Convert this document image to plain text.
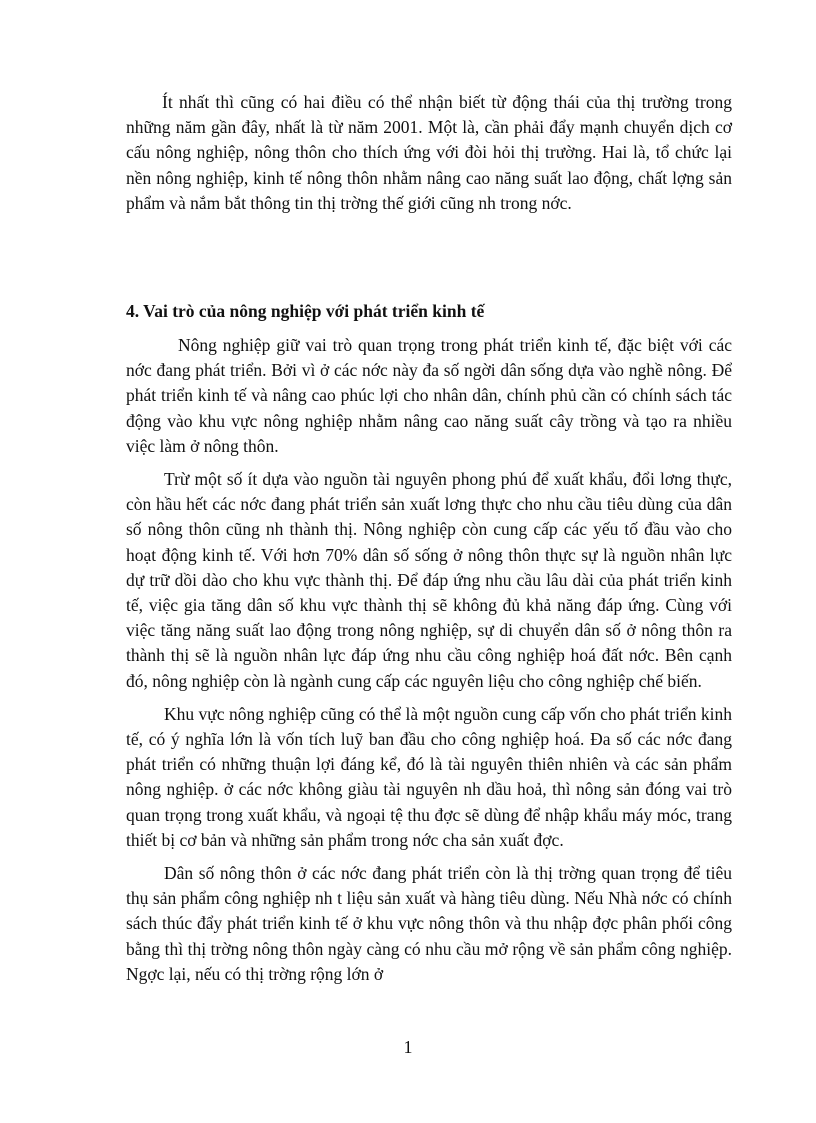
Ít nhất thì cũng có hai điều có thể nhận biết từ động thái của thị trường trong những năm gần đây, nhất là từ năm 2001. Một là, cần phải đẩy mạnh chuyển dịch cơ cấu nông nghiệp, nông thôn cho thích ứng với đòi hỏi thị trường. Hai là, tổ chức lại nền nông nghiệp, kinh tế nông thôn nhằm nâng cao năng suất lao động, chất lợng sản phẩm và nắm bắt thông tin thị trờng thế giới cũng nh trong nớc.

4. Vai trò của nông nghiệp với phát triển kinh tế

Nông nghiệp giữ vai trò quan trọng trong phát triển kinh tế, đặc biệt với các nớc đang phát triển. Bởi vì ở các nớc này đa số ngời dân sống dựa vào nghề nông. Để phát triển kinh tế và nâng cao phúc lợi cho nhân dân, chính phủ cần có chính sách tác động vào khu vực nông nghiệp nhằm nâng cao năng suất cây trồng và tạo ra nhiều việc làm ở nông thôn.

Trừ một số ít dựa vào nguồn tài nguyên phong phú để xuất khẩu, đổi lơng thực, còn hầu hết các nớc đang phát triển sản xuất lơng thực cho nhu cầu tiêu dùng của dân số nông thôn cũng nh thành thị. Nông nghiệp còn cung cấp các yếu tố đầu vào cho hoạt động kinh tế. Với hơn 70% dân số sống ở nông thôn thực sự là nguồn nhân lực dự trữ dồi dào cho khu vực thành thị. Để đáp ứng nhu cầu lâu dài của phát triển kinh tế, việc gia tăng dân số khu vực thành thị sẽ không đủ khả năng đáp ứng. Cùng với việc tăng năng suất lao động trong nông nghiệp, sự di chuyển dân số ở nông thôn ra thành thị sẽ là nguồn nhân lực đáp ứng nhu cầu công nghiệp hoá đất nớc. Bên cạnh đó, nông nghiệp còn là ngành cung cấp các nguyên liệu cho công nghiệp chế biến.

Khu vực nông nghiệp cũng có thể là một nguồn cung cấp vốn cho phát triển kinh tế, có ý nghĩa lớn là vốn tích luỹ ban đầu cho công nghiệp hoá. Đa số các nớc đang phát triển có những thuận lợi đáng kể, đó là tài nguyên thiên nhiên và các sản phẩm nông nghiệp. ở các nớc không giàu tài nguyên nh dầu hoả, thì nông sản đóng vai trò quan trọng trong xuất khẩu, và ngoại tệ thu đợc sẽ dùng để nhập khẩu máy móc, trang thiết bị cơ bản và những sản phẩm trong nớc cha sản xuất đợc.

Dân số nông thôn ở các nớc đang phát triển còn là thị trờng quan trọng để tiêu thụ sản phẩm công nghiệp nh t liệu sản xuất và hàng tiêu dùng. Nếu Nhà nớc có chính sách thúc đẩy phát triển kinh tế ở khu vực nông thôn và thu nhập đợc phân phối công bằng thì thị trờng nông thôn ngày càng có nhu cầu mở rộng về sản phẩm công nghiệp. Ngợc lại, nếu có thị trờng rộng lớn ở

1
